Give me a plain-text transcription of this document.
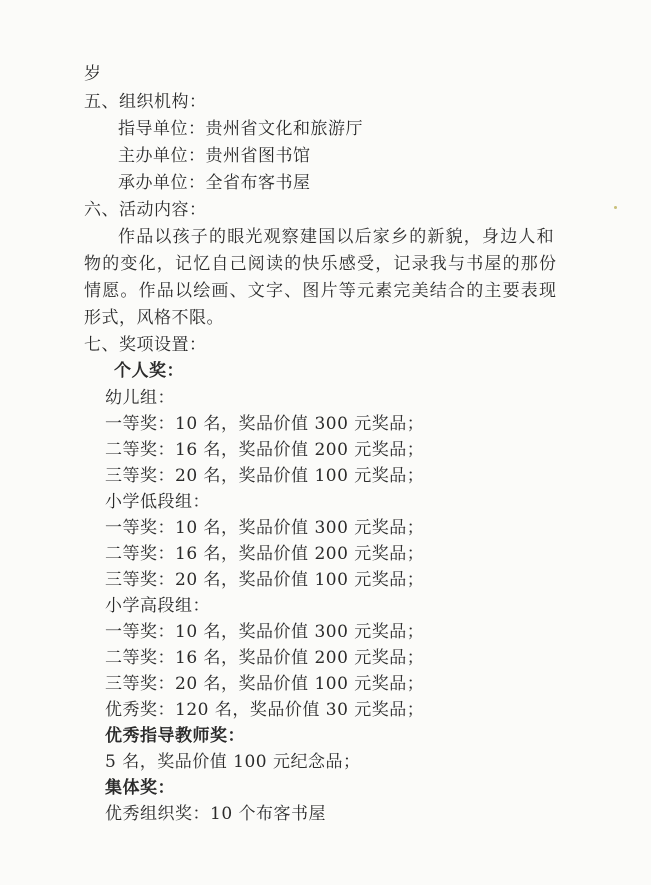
岁
五、组织机构：
指导单位：贵州省文化和旅游厅
主办单位：贵州省图书馆
承办单位：全省布客书屋
六、活动内容：
作品以孩子的眼光观察建国以后家乡的新貌，身边人和
物的变化，记忆自己阅读的快乐感受，记录我与书屋的那份
情愿。作品以绘画、文字、图片等元素完美结合的主要表现
形式，风格不限。
七、奖项设置：
个人奖：
幼儿组：
一等奖：10 名，奖品价值 300 元奖品；
二等奖：16 名，奖品价值 200 元奖品；
三等奖：20 名，奖品价值 100 元奖品；
小学低段组：
一等奖：10 名，奖品价值 300 元奖品；
二等奖：16 名，奖品价值 200 元奖品；
三等奖：20 名，奖品价值 100 元奖品；
小学高段组：
一等奖：10 名，奖品价值 300 元奖品；
二等奖：16 名，奖品价值 200 元奖品；
三等奖：20 名，奖品价值 100 元奖品；
优秀奖：120 名，奖品价值 30 元奖品；
优秀指导教师奖：
5 名，奖品价值 100 元纪念品；
集体奖：
优秀组织奖：10 个布客书屋
